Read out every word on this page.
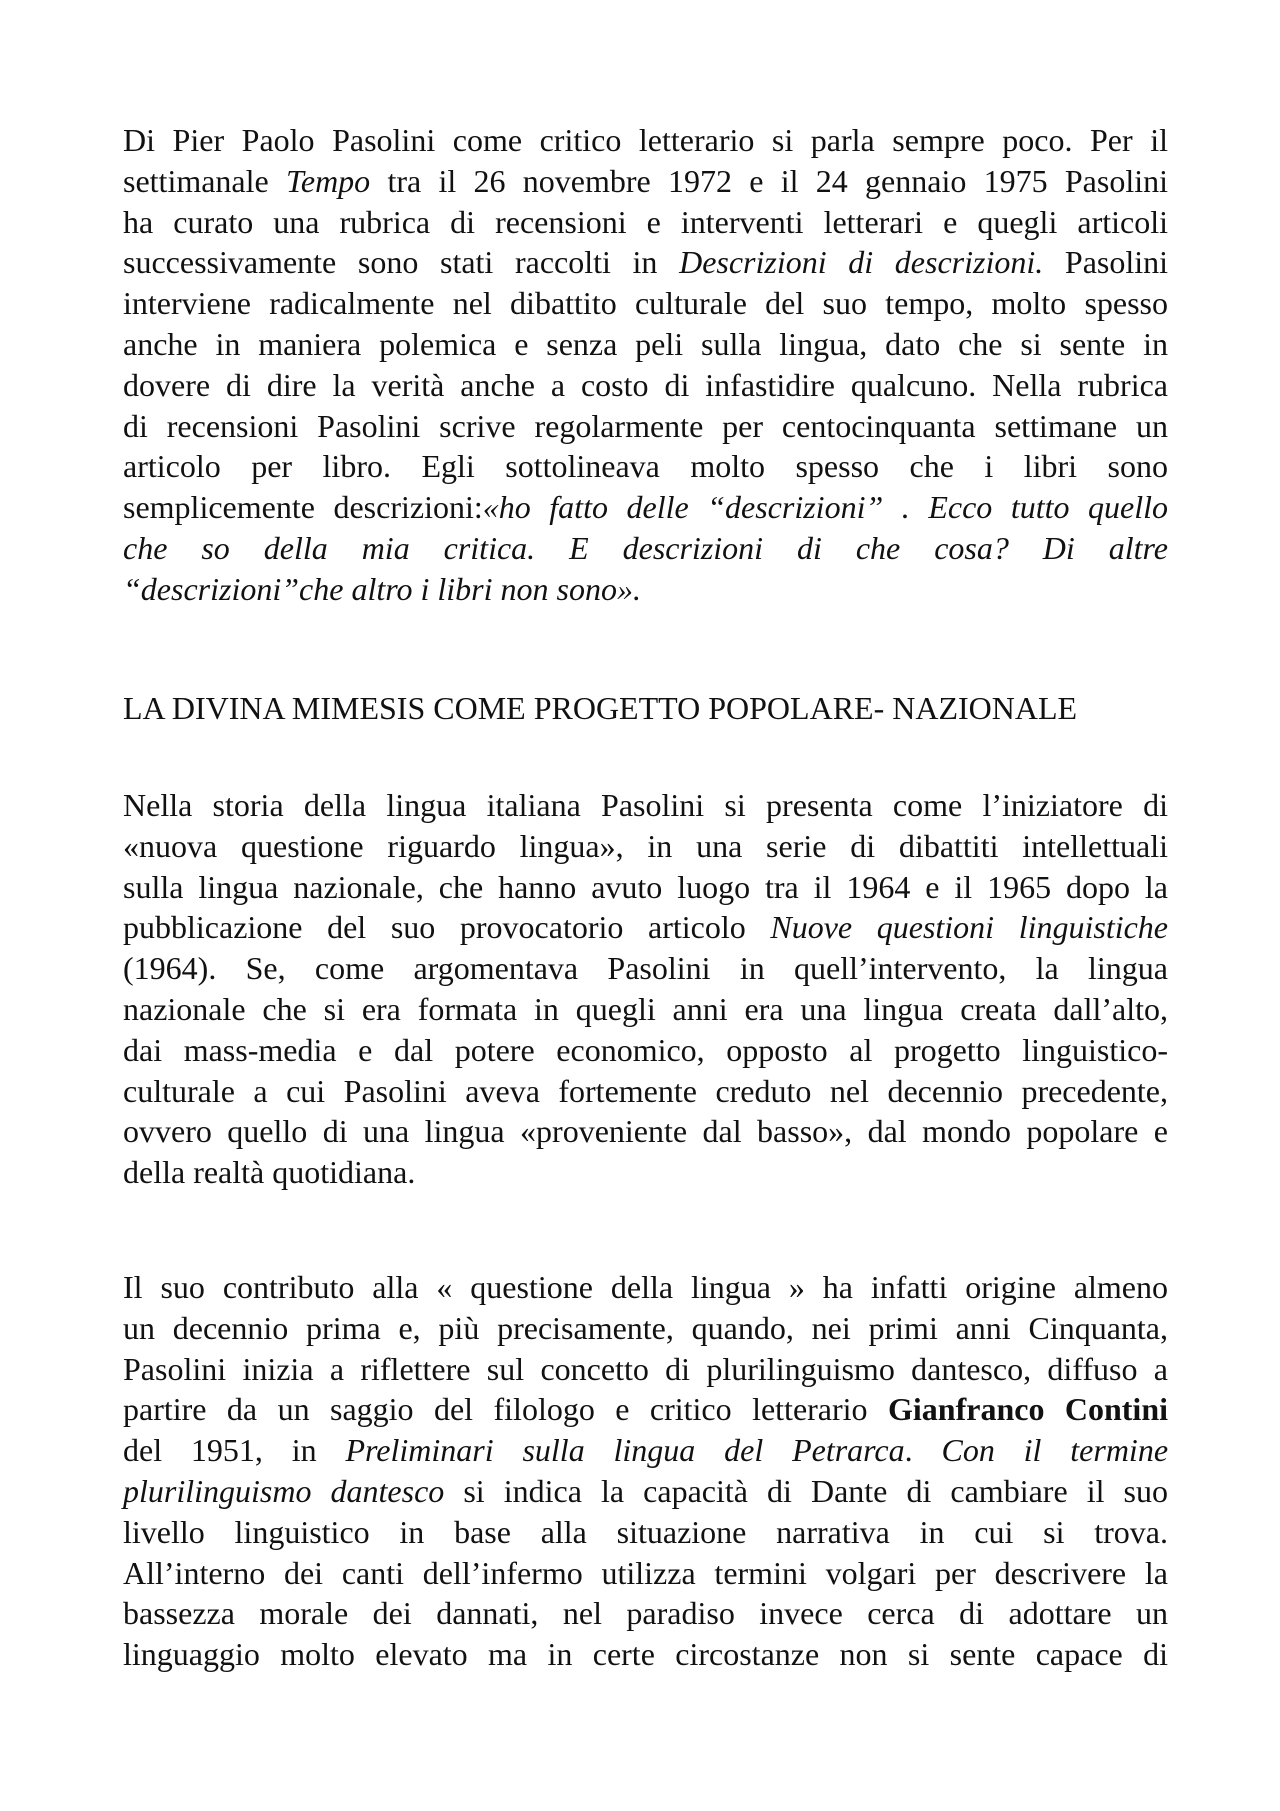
Di Pier Paolo Pasolini come critico letterario si parla sempre poco. Per il
settimanale Tempo tra il 26 novembre 1972 e il 24 gennaio 1975 Pasolini
ha curato una rubrica di recensioni e interventi letterari e quegli articoli
successivamente sono stati raccolti in Descrizioni di descrizioni. Pasolini
interviene radicalmente nel dibattito culturale del suo tempo, molto spesso
anche in maniera polemica e senza peli sulla lingua, dato che si sente in
dovere di dire la verità anche a costo di infastidire qualcuno. Nella rubrica
di recensioni Pasolini scrive regolarmente per centocinquanta settimane un
articolo per libro. Egli sottolineava molto spesso che i libri sono
semplicemente descrizioni:«ho fatto delle “descrizioni” . Ecco tutto quello
che so della mia critica. E descrizioni di che cosa? Di altre
“descrizioni”che altro i libri non sono».
LA DIVINA MIMESIS COME PROGETTO POPOLARE- NAZIONALE
Nella storia della lingua italiana Pasolini si presenta come l’iniziatore di
«nuova questione riguardo lingua», in una serie di dibattiti intellettuali
sulla lingua nazionale, che hanno avuto luogo tra il 1964 e il 1965 dopo la
pubblicazione del suo provocatorio articolo Nuove questioni linguistiche
(1964). Se, come argomentava Pasolini in quell’intervento, la lingua
nazionale che si era formata in quegli anni era una lingua creata dall’alto,
dai mass-media e dal potere economico, opposto al progetto linguistico-
culturale a cui Pasolini aveva fortemente creduto nel decennio precedente,
ovvero quello di una lingua «proveniente dal basso», dal mondo popolare e
della realtà quotidiana.
Il suo contributo alla « questione della lingua » ha infatti origine almeno
un decennio prima e, più precisamente, quando, nei primi anni Cinquanta,
Pasolini inizia a riflettere sul concetto di plurilinguismo dantesco, diffuso a
partire da un saggio del filologo e critico letterario Gianfranco Contini
del 1951, in Preliminari sulla lingua del Petrarca. Con il termine
plurilinguismo dantesco si indica la capacità di Dante di cambiare il suo
livello linguistico in base alla situazione narrativa in cui si trova.
All’interno dei canti dell’infermo utilizza termini volgari per descrivere la
bassezza morale dei dannati, nel paradiso invece cerca di adottare un
linguaggio molto elevato ma in certe circostanze non si sente capace di
